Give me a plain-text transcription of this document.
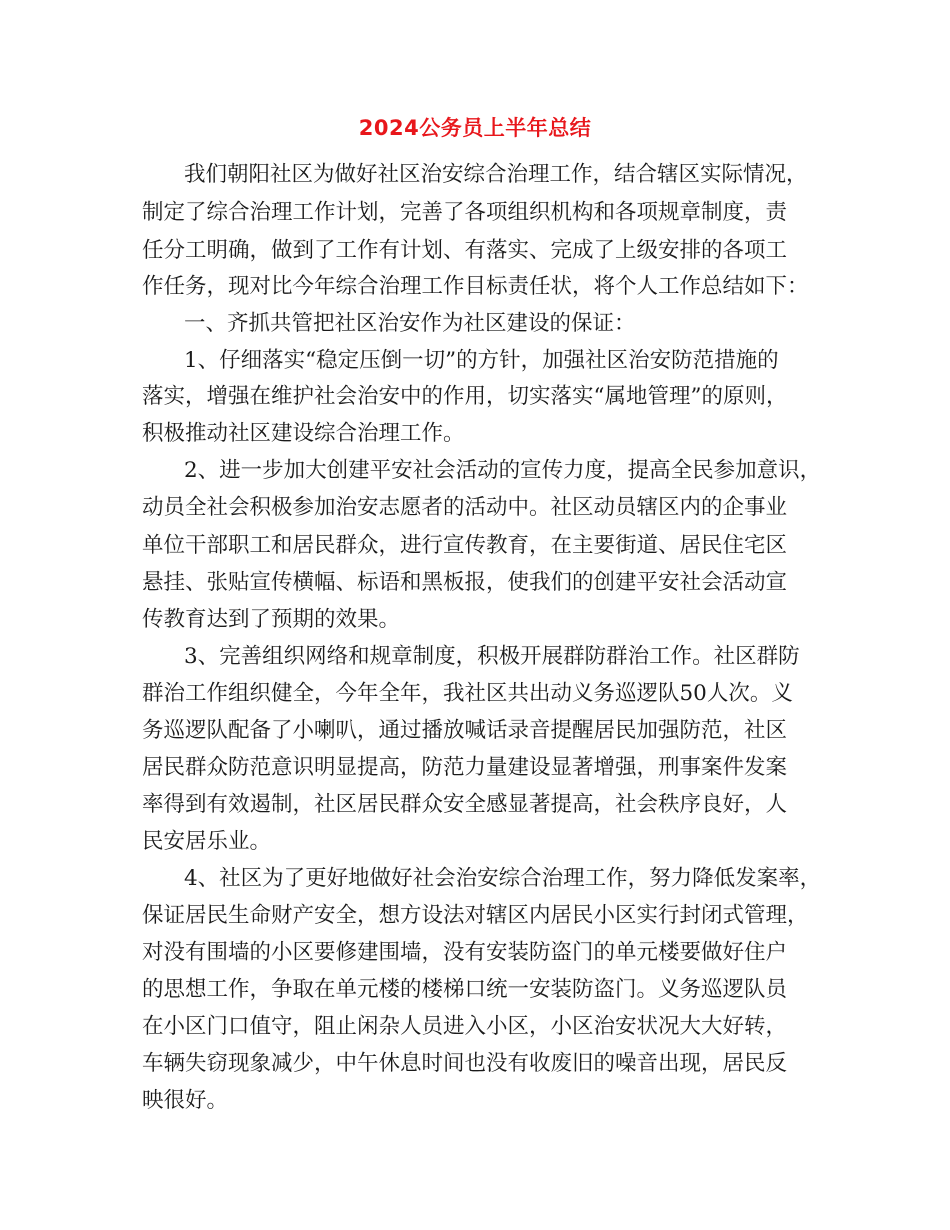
2024公务员上半年总结
我们朝阳社区为做好社区治安综合治理工作，结合辖区实际情况，
制定了综合治理工作计划，完善了各项组织机构和各项规章制度，责
任分工明确，做到了工作有计划、有落实、完成了上级安排的各项工
作任务，现对比今年综合治理工作目标责任状，将个人工作总结如下：
一、齐抓共管把社区治安作为社区建设的保证：
1、仔细落实“稳定压倒一切”的方针，加强社区治安防范措施的
落实，增强在维护社会治安中的作用，切实落实“属地管理”的原则，
积极推动社区建设综合治理工作。
2、进一步加大创建平安社会活动的宣传力度，提高全民参加意识，
动员全社会积极参加治安志愿者的活动中。社区动员辖区内的企事业
单位干部职工和居民群众，进行宣传教育，在主要街道、居民住宅区
悬挂、张贴宣传横幅、标语和黑板报，使我们的创建平安社会活动宣
传教育达到了预期的效果。
3、完善组织网络和规章制度，积极开展群防群治工作。社区群防
群治工作组织健全，今年全年，我社区共出动义务巡逻队50人次。义
务巡逻队配备了小喇叭，通过播放喊话录音提醒居民加强防范，社区
居民群众防范意识明显提高，防范力量建设显著增强，刑事案件发案
率得到有效遏制，社区居民群众安全感显著提高，社会秩序良好，人
民安居乐业。
4、社区为了更好地做好社会治安综合治理工作，努力降低发案率，
保证居民生命财产安全，想方设法对辖区内居民小区实行封闭式管理，
对没有围墙的小区要修建围墙，没有安装防盗门的单元楼要做好住户
的思想工作，争取在单元楼的楼梯口统一安装防盗门。义务巡逻队员
在小区门口值守，阻止闲杂人员进入小区，小区治安状况大大好转，
车辆失窃现象减少，中午休息时间也没有收废旧的噪音出现，居民反
映很好。
